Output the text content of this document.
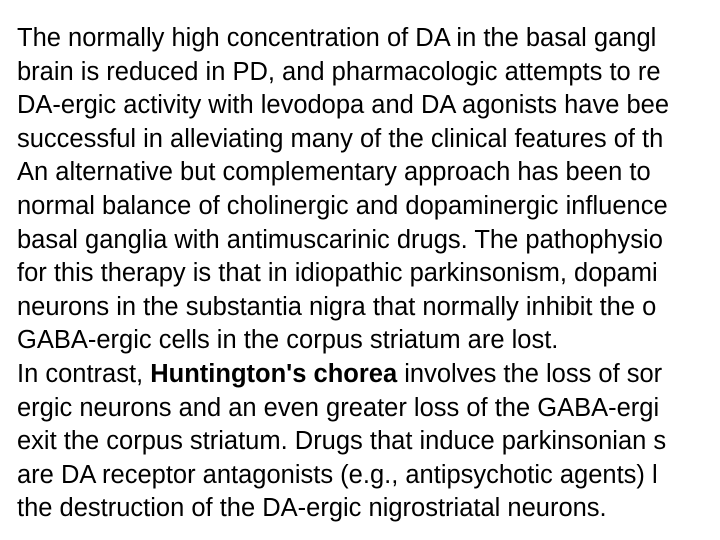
The normally high concentration of DA in the basal gangl
brain is reduced in PD, and pharmacologic attempts to re
DA-ergic activity with levodopa and DA agonists have bee
successful in alleviating many of the clinical features of th
An alternative but complementary approach has been to
normal balance of cholinergic and dopaminergic influence
basal ganglia with antimuscarinic drugs. The pathophysio
for this therapy is that in idiopathic parkinsonism, dopami
neurons in the substantia nigra that normally inhibit the o
GABA-ergic cells in the corpus striatum are lost.
In contrast, Huntington's chorea involves the loss of sor
ergic neurons and an even greater loss of the GABA-ergi
exit the corpus striatum. Drugs that induce parkinsonian s
are DA receptor antagonists (e.g., antipsychotic agents) l
the destruction of the DA-ergic nigrostriatal neurons.
